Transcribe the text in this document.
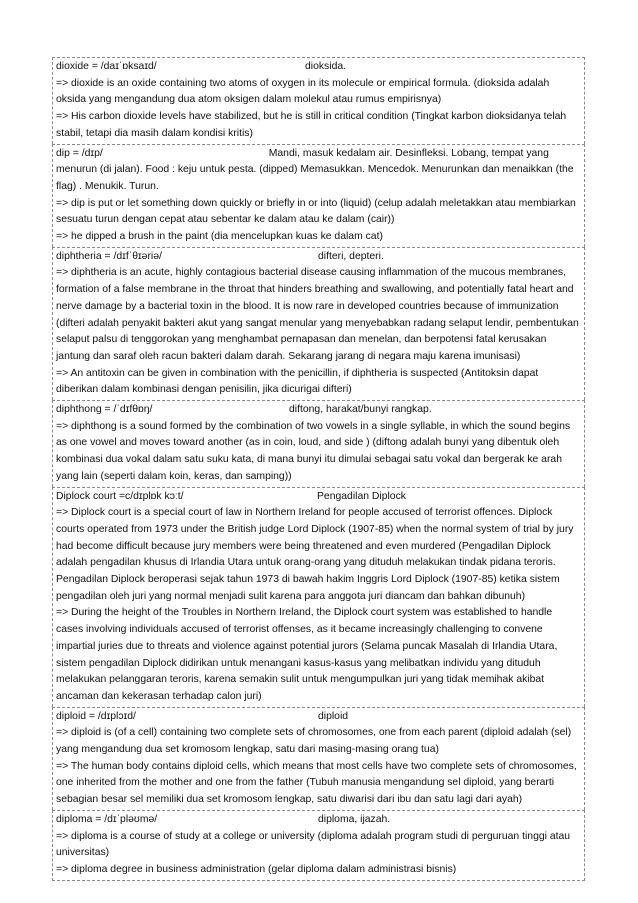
dioxide = /daɪˈɒksaɪd/	dioksida.
=> dioxide is an oxide containing two atoms of oxygen in its molecule or empirical formula. (dioksida adalah oksida yang mengandung dua atom oksigen dalam molekul atau rumus empirisnya)
=> His carbon dioxide levels have stabilized, but he is still in critical condition (Tingkat karbon dioksidanya telah stabil, tetapi dia masih dalam kondisi kritis)
dip = /dɪp/	Mandi, masuk kedalam air. Desinfleksi. Lobang, tempat yang menurun (di jalan). Food : keju untuk pesta. (dipped) Memasukkan. Mencedok. Menurunkan dan menaikkan (the flag) . Menukik. Turun.
=> dip is put or let something down quickly or briefly in or into (liquid) (celup adalah meletakkan atau membiarkan sesuatu turun dengan cepat atau sebentar ke dalam atau ke dalam (cair))
=> he dipped a brush in the paint (dia mencelupkan kuas ke dalam cat)
diphtheria = /dɪfˈθɪəriə/	difteri, depteri.
=> diphtheria is an acute, highly contagious bacterial disease causing inflammation of the mucous membranes, formation of a false membrane in the throat that hinders breathing and swallowing, and potentially fatal heart and nerve damage by a bacterial toxin in the blood. It is now rare in developed countries because of immunization (difteri adalah penyakit bakteri akut yang sangat menular yang menyebabkan radang selaput lendir, pembentukan selaput palsu di tenggorokan yang menghambat pernapasan dan menelan, dan berpotensi fatal kerusakan jantung dan saraf oleh racun bakteri dalam darah. Sekarang jarang di negara maju karena imunisasi)
=> An antitoxin can be given in combination with the penicillin, if diphtheria is suspected (Antitoksin dapat diberikan dalam kombinasi dengan penisilin, jika dicurigai difteri)
diphthong = /ˈdɪfθɒŋ/	diftong, harakat/bunyi rangkap.
=> diphthong is a sound formed by the combination of two vowels in a single syllable, in which the sound begins as one vowel and moves toward another (as in coin, loud, and side ) (diftong adalah bunyi yang dibentuk oleh kombinasi dua vokal dalam satu suku kata, di mana bunyi itu dimulai sebagai satu vokal dan bergerak ke arah yang lain (seperti dalam koin, keras, dan samping))
Diplock court =c/dɪplɒk kɔːt/	Pengadilan Diplock
=> Diplock court is a special court of law in Northern Ireland for people accused of terrorist offences. Diplock courts operated from 1973 under the British judge Lord Diplock (1907-85) when the normal system of trial by jury had become difficult because jury members were being threatened and even murdered (Pengadilan Diplock adalah pengadilan khusus di Irlandia Utara untuk orang-orang yang dituduh melakukan tindak pidana teroris. Pengadilan Diplock beroperasi sejak tahun 1973 di bawah hakim Inggris Lord Diplock (1907-85) ketika sistem pengadilan oleh juri yang normal menjadi sulit karena para anggota juri diancam dan bahkan dibunuh)
=> During the height of the Troubles in Northern Ireland, the Diplock court system was established to handle cases involving individuals accused of terrorist offenses, as it became increasingly challenging to convene impartial juries due to threats and violence against potential jurors (Selama puncak Masalah di Irlandia Utara, sistem pengadilan Diplock didirikan untuk menangani kasus-kasus yang melibatkan individu yang dituduh melakukan pelanggaran teroris, karena semakin sulit untuk mengumpulkan juri yang tidak memihak akibat ancaman dan kekerasan terhadap calon juri)
diploid = /dɪplɔɪd/	diploid
=> diploid is (of a cell) containing two complete sets of chromosomes, one from each parent (diploid adalah (sel) yang mengandung dua set kromosom lengkap, satu dari masing-masing orang tua)
=> The human body contains diploid cells, which means that most cells have two complete sets of chromosomes, one inherited from the mother and one from the father (Tubuh manusia mengandung sel diploid, yang berarti sebagian besar sel memiliki dua set kromosom lengkap, satu diwarisi dari ibu dan satu lagi dari ayah)
diploma = /dɪˈpləʊmə/	diploma, ijazah.
=> diploma is a course of study at a college or university (diploma adalah program studi di perguruan tinggi atau universitas)
=> diploma degree in business administration (gelar diploma dalam administrasi bisnis)
